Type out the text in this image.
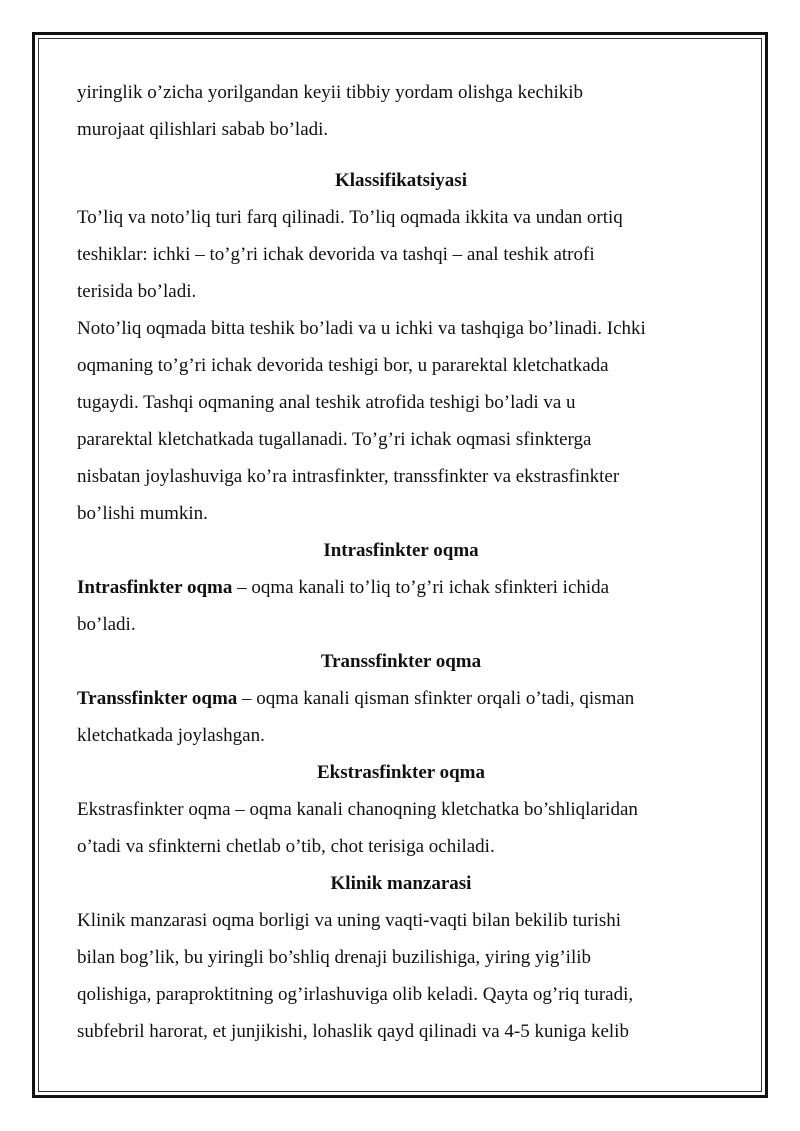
yiringlik o’zicha yorilgandan keyii tibbiy yordam olishga kechikib
murojaat qilishlari sabab bo’ladi.

Klassifikatsiyasi

To’liq va noto’liq turi farq qilinadi. To’liq oqmada ikkita va undan ortiq
teshiklar: ichki – to’g’ri ichak devorida va tashqi – anal teshik atrofi
terisida bo’ladi.

Noto’liq oqmada bitta teshik bo’ladi va u ichki va tashqiga bo’linadi. Ichki
oqmaning to’g’ri ichak devorida teshigi bor, u pararektal kletchatkada
tugaydi. Tashqi oqmaning anal teshik atrofida teshigi bo’ladi va u
pararektal kletchatkada tugallanadi. To’g’ri ichak oqmasi sfinkterga
nisbatan joylashuviga ko’ra intrasfinkter, transsfinkter va ekstrasfinkter
bo’lishi mumkin.

Intrasfinkter oqma

Intrasfinkter oqma – oqma kanali to’liq to’g’ri ichak sfinkteri ichida
bo’ladi.

Transsfinkter oqma

Transsfinkter oqma – oqma kanali qisman sfinkter orqali o’tadi, qisman
kletchatkada joylashgan.

Ekstrasfinkter oqma

Ekstrasfinkter oqma – oqma kanali chanoqning kletchatka bo’shliqlaridan
o’tadi va sfinkterni chetlab o’tib, chot terisiga ochiladi.

Klinik manzarasi

Klinik manzarasi oqma borligi va uning vaqti-vaqti bilan bekilib turishi
bilan bog’lik, bu yiringli bo’shliq drenaji buzilishiga, yiring yig’ilib
qolishiga, paraproktitning og’irlashuviga olib keladi. Qayta og’riq turadi,
subfebril harorat, et junjikishi, lohaslik qayd qilinadi va 4-5 kuniga kelib
